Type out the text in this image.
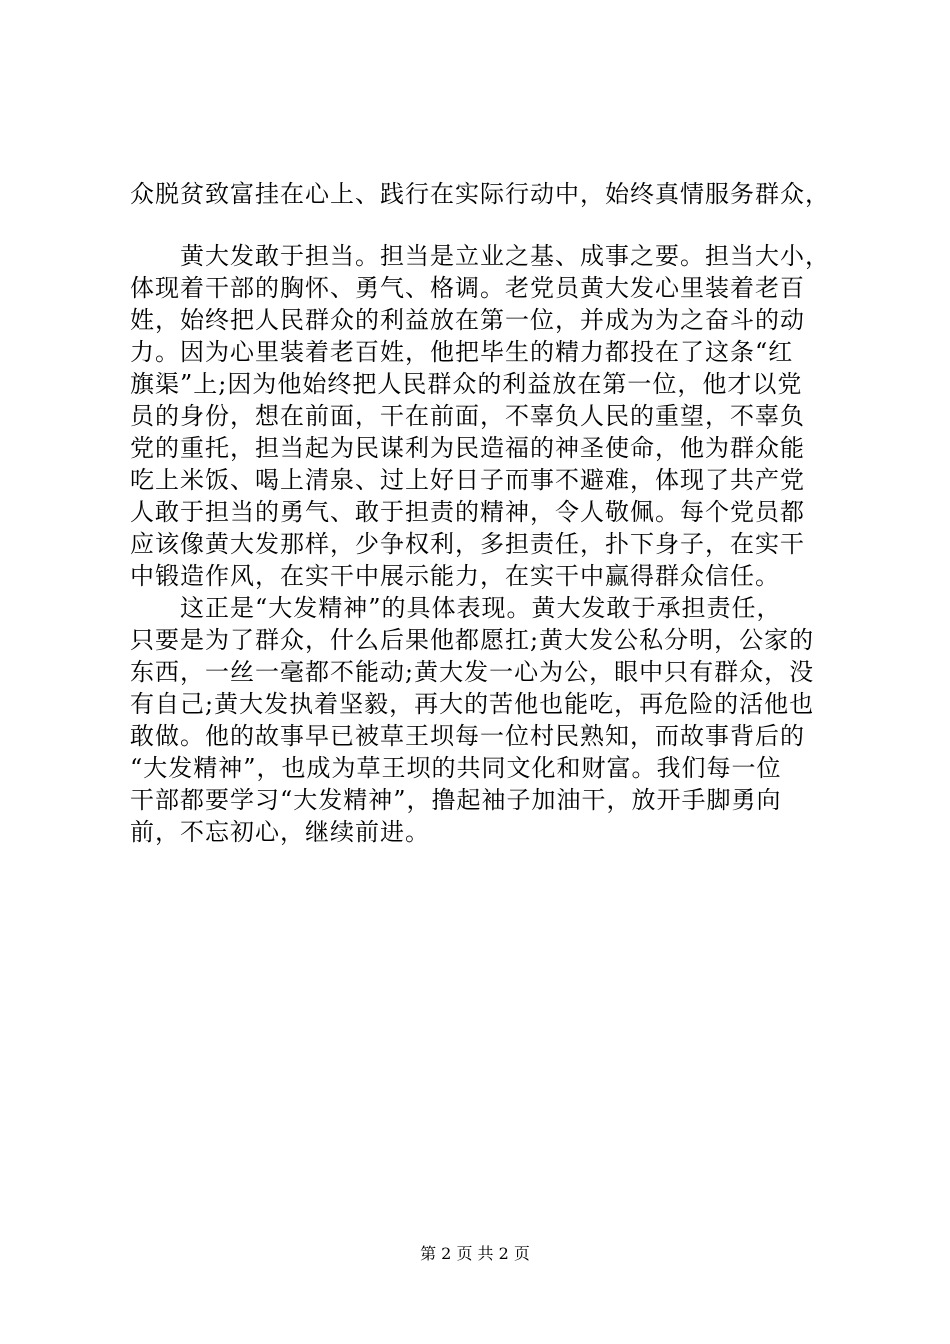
众脱贫致富挂在心上、践行在实际行动中，始终真情服务群众，
　　黄大发敢于担当。担当是立业之基、成事之要。担当大小，
体现着干部的胸怀、勇气、格调。老党员黄大发心里装着老百
姓，始终把人民群众的利益放在第一位，并成为为之奋斗的动
力。因为心里装着老百姓，他把毕生的精力都投在了这条“红
旗渠”上;因为他始终把人民群众的利益放在第一位，他才以党
员的身份，想在前面，干在前面，不辜负人民的重望，不辜负
党的重托，担当起为民谋利为民造福的神圣使命，他为群众能
吃上米饭、喝上清泉、过上好日子而事不避难，体现了共产党
人敢于担当的勇气、敢于担责的精神，令人敬佩。每个党员都
应该像黄大发那样，少争权利，多担责任，扑下身子，在实干
中锻造作风，在实干中展示能力，在实干中赢得群众信任。
　　这正是“大发精神”的具体表现。黄大发敢于承担责任，
只要是为了群众，什么后果他都愿扛;黄大发公私分明，公家的
东西，一丝一毫都不能动;黄大发一心为公，眼中只有群众，没
有自己;黄大发执着坚毅，再大的苦他也能吃，再危险的活他也
敢做。他的故事早已被草王坝每一位村民熟知，而故事背后的
“大发精神”，也成为草王坝的共同文化和财富。我们每一位
干部都要学习“大发精神”，撸起袖子加油干，放开手脚勇向
前，不忘初心，继续前进。
第 2 页 共 2 页
